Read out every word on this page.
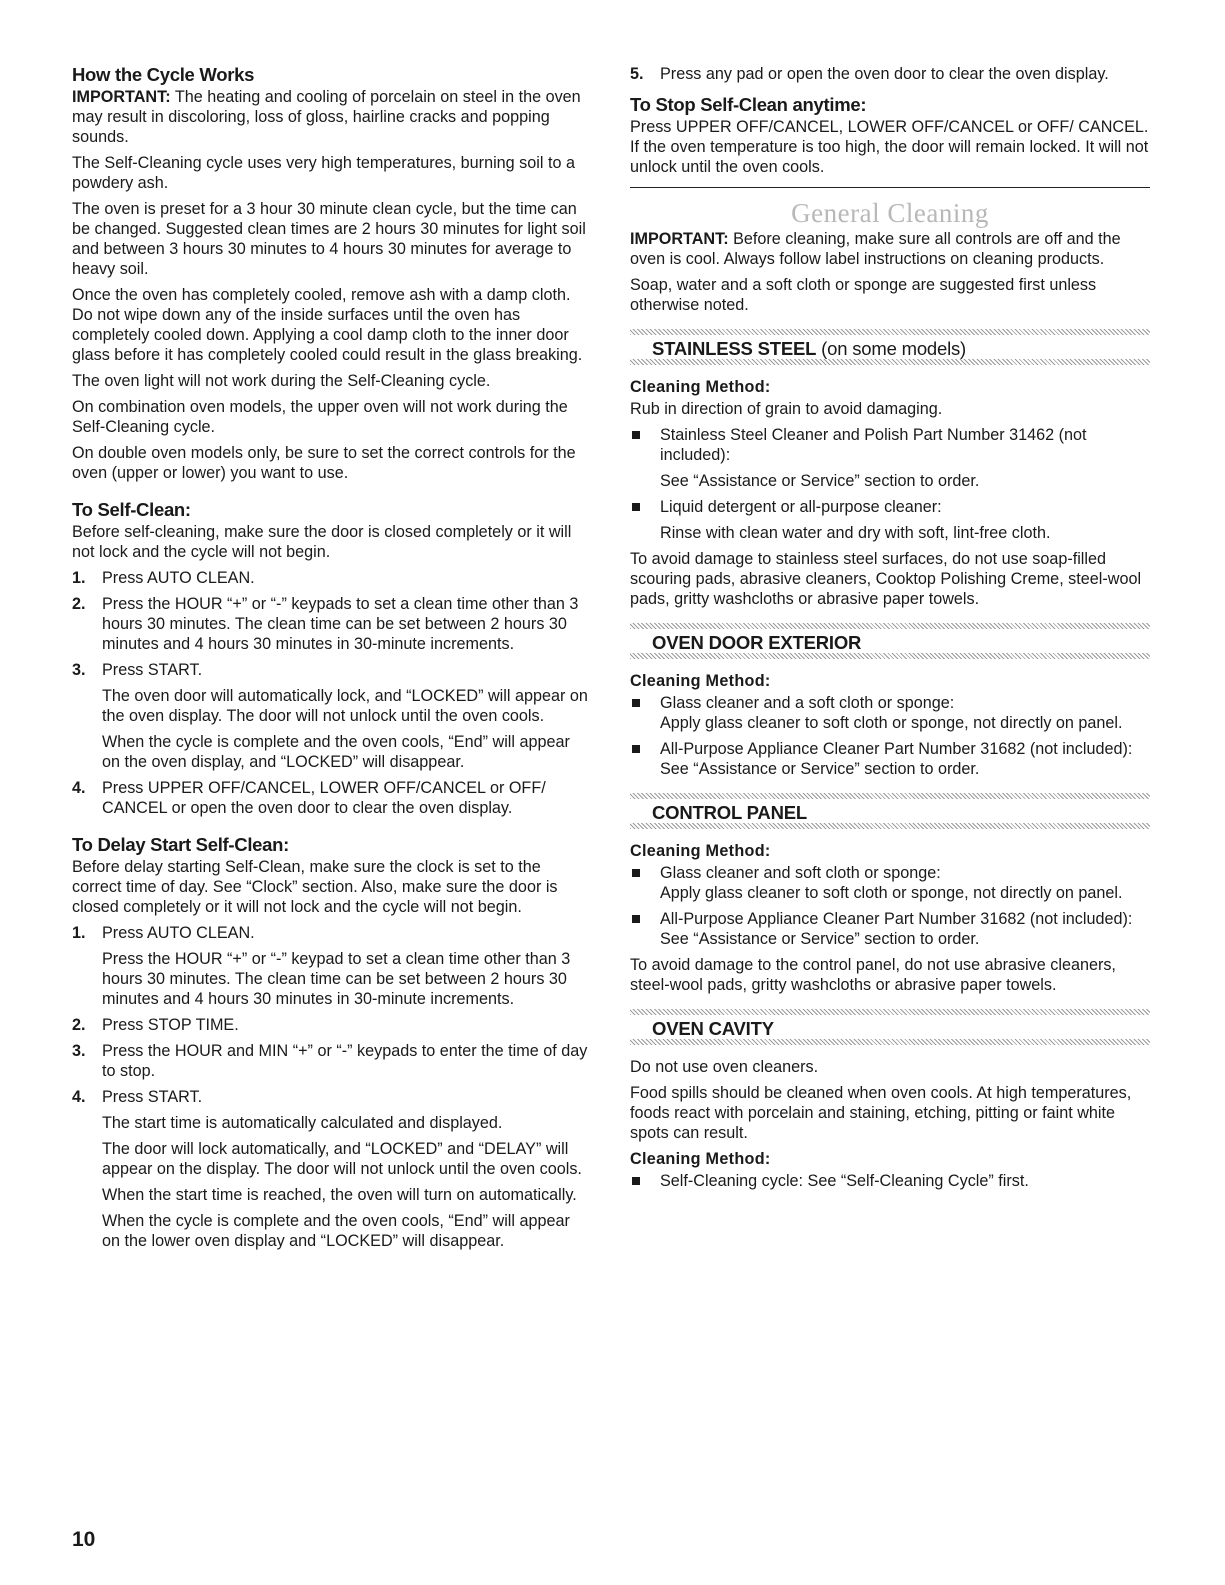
How the Cycle Works

IMPORTANT: The heating and cooling of porcelain on steel in the oven may result in discoloring, loss of gloss, hairline cracks and popping sounds.

The Self-Cleaning cycle uses very high temperatures, burning soil to a powdery ash.

The oven is preset for a 3 hour 30 minute clean cycle, but the time can be changed. Suggested clean times are 2 hours 30 minutes for light soil and between 3 hours 30 minutes to 4 hours 30 minutes for average to heavy soil.

Once the oven has completely cooled, remove ash with a damp cloth. Do not wipe down any of the inside surfaces until the oven has completely cooled down. Applying a cool damp cloth to the inner door glass before it has completely cooled could result in the glass breaking.

The oven light will not work during the Self-Cleaning cycle.

On combination oven models, the upper oven will not work during the Self-Cleaning cycle.

On double oven models only, be sure to set the correct controls for the oven (upper or lower) you want to use.

To Self-Clean:

Before self-cleaning, make sure the door is closed completely or it will not lock and the cycle will not begin.

1.	Press AUTO CLEAN.

2.	Press the HOUR “+” or “-” keypads to set a clean time other than 3 hours 30 minutes. The clean time can be set between 2 hours 30 minutes and 4 hours 30 minutes in 30-minute increments.

3.	Press START.

The oven door will automatically lock, and “LOCKED” will appear on the oven display. The door will not unlock until the oven cools.

When the cycle is complete and the oven cools, “End” will appear on the oven display, and “LOCKED” will disappear.

4.	Press UPPER OFF/CANCEL, LOWER OFF/CANCEL or OFF/ CANCEL or open the oven door to clear the oven display.

To Delay Start Self-Clean:

Before delay starting Self-Clean, make sure the clock is set to the correct time of day. See “Clock” section. Also, make sure the door is closed completely or it will not lock and the cycle will not begin.

1.	Press AUTO CLEAN.

Press the HOUR “+” or “-” keypad to set a clean time other than 3 hours 30 minutes. The clean time can be set between 2 hours 30 minutes and 4 hours 30 minutes in 30-minute increments.

2.	Press STOP TIME.

3.	Press the HOUR and MIN “+” or “-” keypads to enter the time of day to stop.

4.	Press START.

The start time is automatically calculated and displayed.

The door will lock automatically, and “LOCKED” and “DELAY” will appear on the display. The door will not unlock until the oven cools.

When the start time is reached, the oven will turn on automatically.

When the cycle is complete and the oven cools, “End” will appear on the lower oven display and “LOCKED” will disappear.

5.	Press any pad or open the oven door to clear the oven display.

To Stop Self-Clean anytime:

Press UPPER OFF/CANCEL, LOWER OFF/CANCEL or OFF/ CANCEL. If the oven temperature is too high, the door will remain locked. It will not unlock until the oven cools.

General Cleaning

IMPORTANT: Before cleaning, make sure all controls are off and the oven is cool. Always follow label instructions on cleaning products.

Soap, water and a soft cloth or sponge are suggested first unless otherwise noted.

STAINLESS STEEL (on some models)

Cleaning Method:

Rub in direction of grain to avoid damaging.

Stainless Steel Cleaner and Polish Part Number 31462 (not included):

See “Assistance or Service” section to order.

Liquid detergent or all-purpose cleaner:

Rinse with clean water and dry with soft, lint-free cloth.

To avoid damage to stainless steel surfaces, do not use soap-filled scouring pads, abrasive cleaners, Cooktop Polishing Creme, steel-wool pads, gritty washcloths or abrasive paper towels.

OVEN DOOR EXTERIOR

Cleaning Method:

Glass cleaner and a soft cloth or sponge:

Apply glass cleaner to soft cloth or sponge, not directly on panel.

All-Purpose Appliance Cleaner Part Number 31682 (not included):

See “Assistance or Service” section to order.

CONTROL PANEL

Cleaning Method:

Glass cleaner and soft cloth or sponge:

Apply glass cleaner to soft cloth or sponge, not directly on panel.

All-Purpose Appliance Cleaner Part Number 31682 (not included):

See “Assistance or Service” section to order.

To avoid damage to the control panel, do not use abrasive cleaners, steel-wool pads, gritty washcloths or abrasive paper towels.

OVEN CAVITY

Do not use oven cleaners.

Food spills should be cleaned when oven cools. At high temperatures, foods react with porcelain and staining, etching, pitting or faint white spots can result.

Cleaning Method:

Self-Cleaning cycle: See “Self-Cleaning Cycle” first.

10
